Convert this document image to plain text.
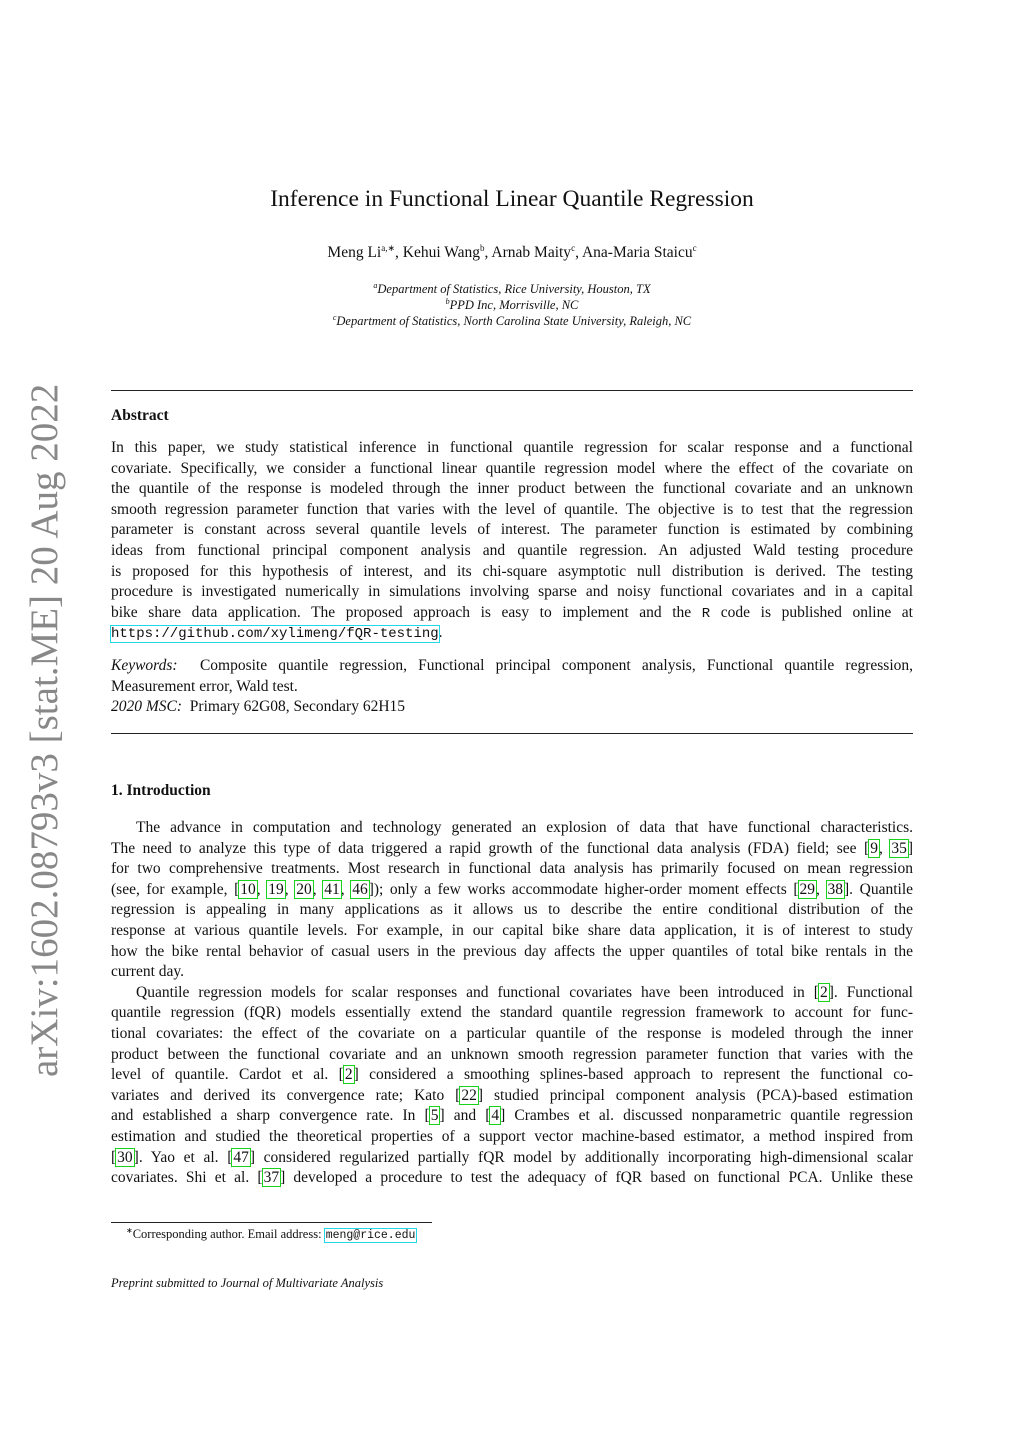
arXiv:1602.08793v3 [stat.ME] 20 Aug 2022
Inference in Functional Linear Quantile Regression
Meng $Li^{a,∗}$, Kehui Wang$^b$, Arnab Maity$^c$, Ana-Maria Staicu$^c$
$^a$Department of Statistics, Rice University, Houston, TX
$^b$PPD Inc, Morrisville, NC
$^c$Department of Statistics, North Carolina State University, Raleigh, NC
Abstract
In this paper, we study statistical inference in functional quantile regression for scalar response and a functional
covariate. Specifically, we consider a functional linear quantile regression model where the effect of the covariate on
the quantile of the response is modeled through the inner product between the functional covariate and an unknown
smooth regression parameter function that varies with the level of quantile. The objective is to test that the regression
parameter is constant across several quantile levels of interest. The parameter function is estimated by combining
ideas from functional principal component analysis and quantile regression. An adjusted Wald testing procedure
is proposed for this hypothesis of interest, and its chi-square asymptotic null distribution is derived. The testing
procedure is investigated numerically in simulations involving sparse and noisy functional covariates and in a capital
bike share data application. The proposed approach is easy to implement and the R code is published online at
https://github.com/xylimeng/fQR-testing.
Keywords: Composite quantile regression, Functional principal component analysis, Functional quantile regression,
Measurement error, Wald test.
2020 MSC: Primary 62G08, Secondary 62H15
1. Introduction
The advance in computation and technology generated an explosion of data that have functional characteristics.
The need to analyze this type of data triggered a rapid growth of the functional data analysis (FDA) field; see [9, 35]
for two comprehensive treatments. Most research in functional data analysis has primarily focused on mean regression
(see, for example, [10, 19, 20, 41, 46]); only a few works accommodate higher-order moment effects [29, 38]. Quantile
regression is appealing in many applications as it allows us to describe the entire conditional distribution of the
response at various quantile levels. For example, in our capital bike share data application, it is of interest to study
how the bike rental behavior of casual users in the previous day affects the upper quantiles of total bike rentals in the
current day.
Quantile regression models for scalar responses and functional covariates have been introduced in [2]. Functional
quantile regression (fQR) models essentially extend the standard quantile regression framework to account for func-
tional covariates: the effect of the covariate on a particular quantile of the response is modeled through the inner
product between the functional covariate and an unknown smooth regression parameter function that varies with the
level of quantile. Cardot et al. [2] considered a smoothing splines-based approach to represent the functional co-
variates and derived its convergence rate; Kato [22] studied principal component analysis (PCA)-based estimation
and established a sharp convergence rate. In [5] and [4] Crambes et al. discussed nonparametric quantile regression
estimation and studied the theoretical properties of a support vector machine-based estimator, a method inspired from
[30]. Yao et al. [47] considered regularized partially fQR model by additionally incorporating high-dimensional scalar
covariates. Shi et al. [37] developed a procedure to test the adequacy of fQR based on functional PCA. Unlike these
∗Corresponding author. Email address: meng@rice.edu
Preprint submitted to Journal of Multivariate Analysis
